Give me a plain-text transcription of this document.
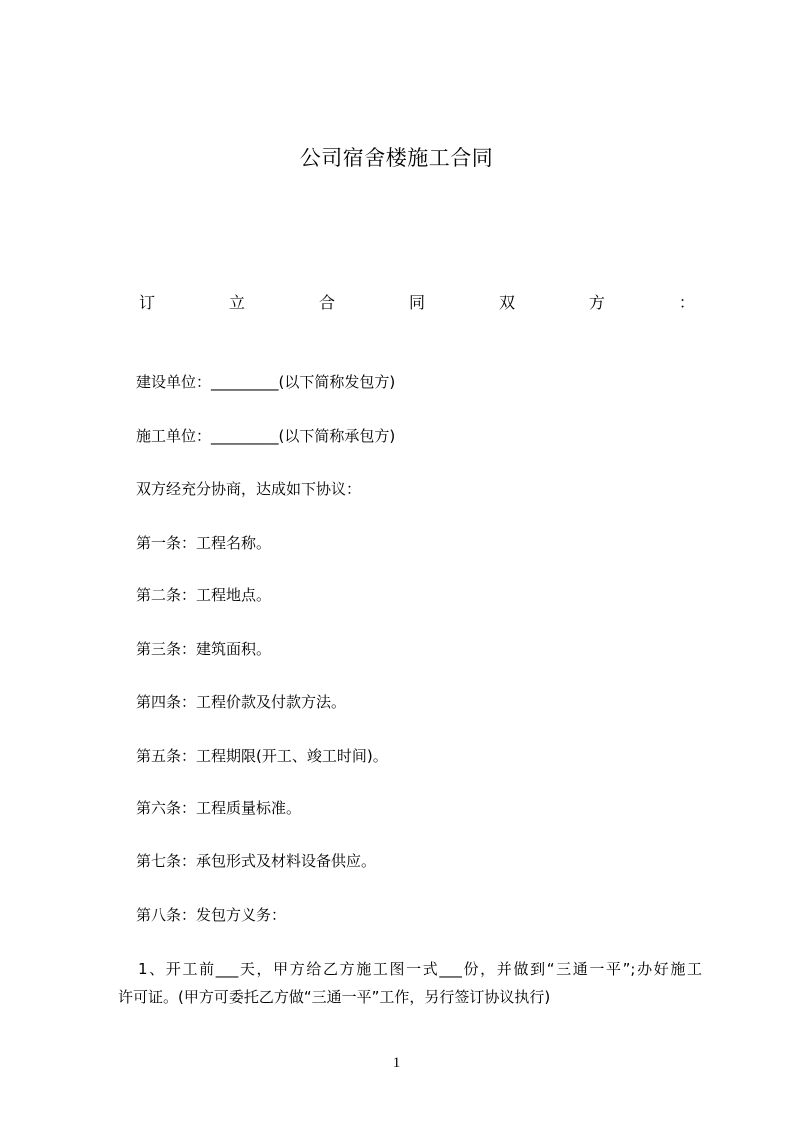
公司宿舍楼施工合同
订	立	合	同	双	方	：
建设单位：_________(以下简称发包方)
施工单位：_________(以下简称承包方)
双方经充分协商，达成如下协议：
第一条：工程名称。
第二条：工程地点。
第三条：建筑面积。
第四条：工程价款及付款方法。
第五条：工程期限(开工、竣工时间)。
第六条：工程质量标准。
第七条：承包形式及材料设备供应。
第八条：发包方义务：
1、开工前___天，甲方给乙方施工图一式___份，并做到“三通一平”;办好施工
许可证。(甲方可委托乙方做“三通一平”工作，另行签订协议执行)
1
